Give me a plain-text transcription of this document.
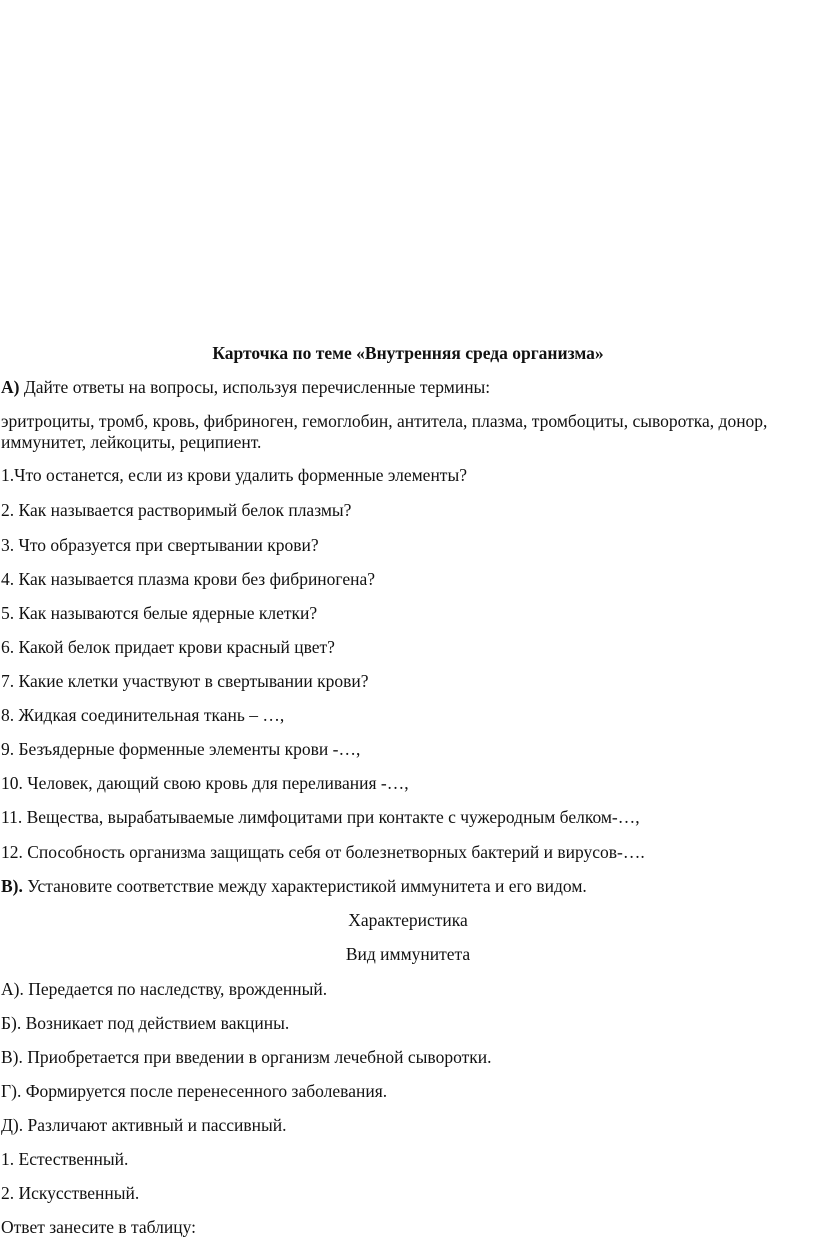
Карточка по теме «Внутренняя среда организма»
А) Дайте ответы на вопросы, используя перечисленные термины:
эритроциты, тромб, кровь, фибриноген, гемоглобин, антитела, плазма, тромбоциты, сыворотка, донор,
иммунитет, лейкоциты, реципиент.
1.Что останется, если из крови удалить форменные элементы?
2. Как называется растворимый белок плазмы?
3. Что образуется при свертывании крови?
4. Как называется плазма крови без фибриногена?
5. Как называются белые ядерные клетки?
6. Какой белок придает крови красный цвет?
7. Какие клетки участвуют в свертывании крови?
8. Жидкая соединительная ткань – …,
9. Безъядерные форменные элементы крови -…,
10. Человек, дающий свою кровь для переливания -…,
11. Вещества, вырабатываемые лимфоцитами при контакте с чужеродным белком-…,
12. Способность организма защищать себя от болезнетворных бактерий и вирусов-….
В). Установите соответствие между характеристикой иммунитета и его видом.
Характеристика
Вид иммунитета
А). Передается по наследству, врожденный.
Б). Возникает под действием вакцины.
В). Приобретается при введении в организм лечебной сыворотки.
Г). Формируется после перенесенного заболевания.
Д). Различают активный и пассивный.
1. Естественный.
2. Искусственный.
Ответ занесите в таблицу:
